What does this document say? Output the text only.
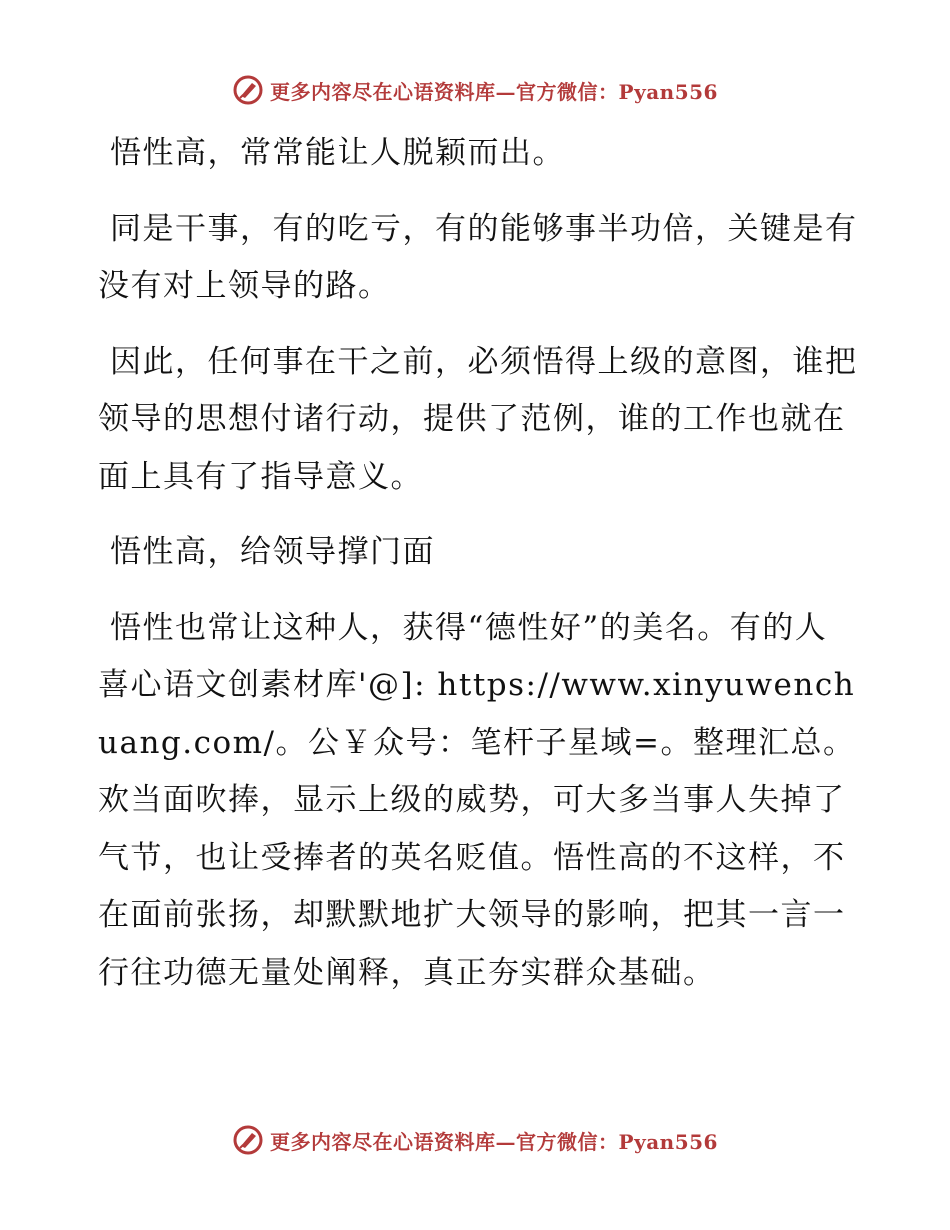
更多内容尽在心语资料库—官方微信：Pyan556

悟性高，常常能让人脱颖而出。

同是干事，有的吃亏，有的能够事半功倍，关键是有没有对上领导的路。

因此，任何事在干之前，必须悟得上级的意图，谁把领导的思想付诸行动，提供了范例，谁的工作也就在面上具有了指导意义。

悟性高，给领导撑门面

悟性也常让这种人，获得“德性好”的美名。有的人喜心语文创素材库'@]: https://www.xinyuwenchuang.com/。公￥众号：笔杆子星域=。整理汇总。欢当面吹捧，显示上级的威势，可大多当事人失掉了气节，也让受捧者的英名贬值。悟性高的不这样，不在面前张扬，却默默地扩大领导的影响，把其一言一行往功德无量处阐释，真正夯实群众基础。

更多内容尽在心语资料库—官方微信：Pyan556
